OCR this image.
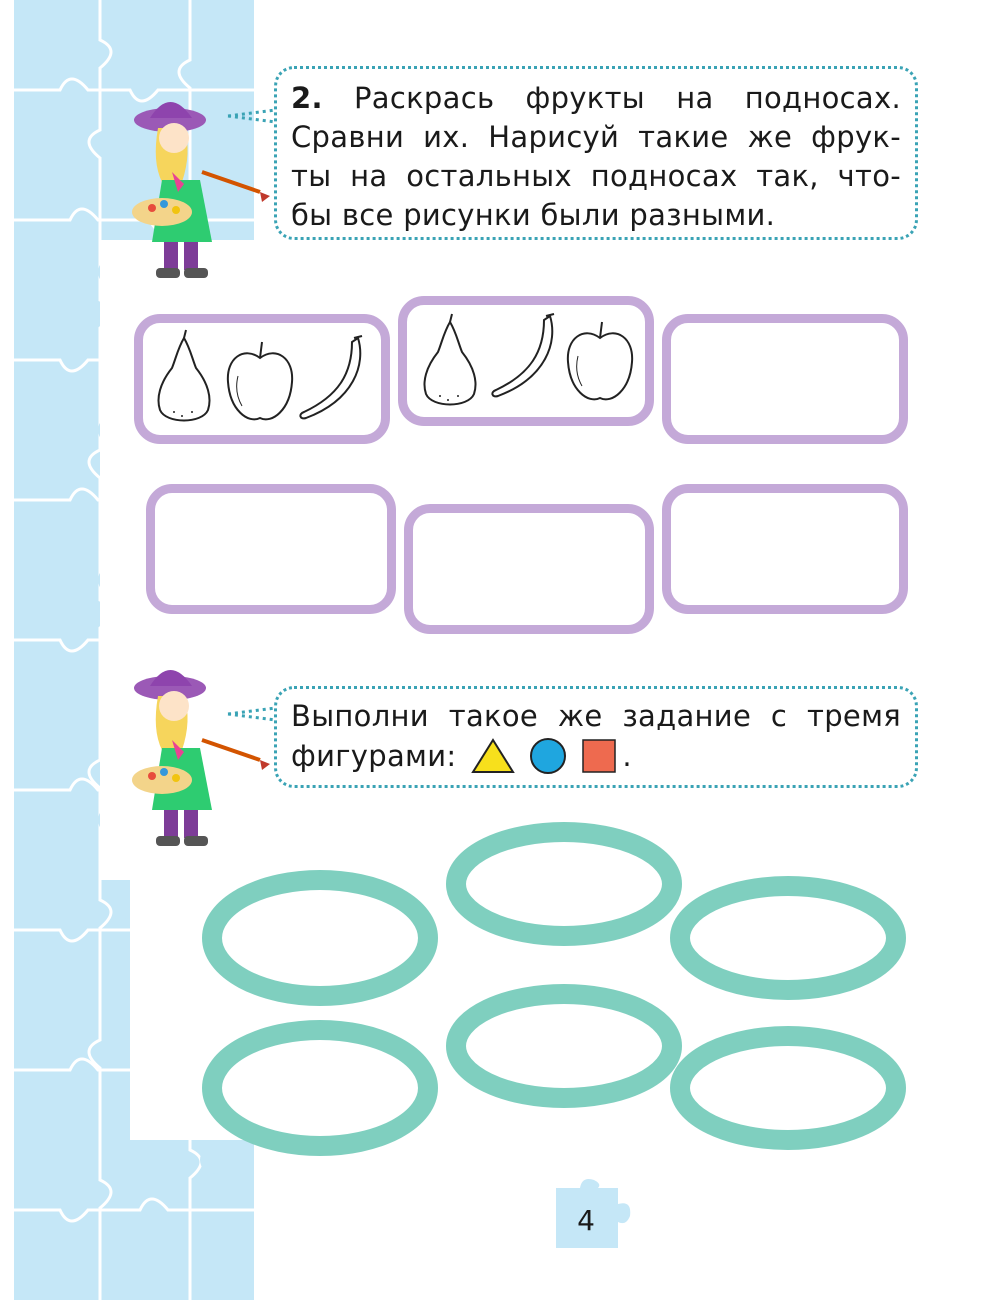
2. Раскрась фрукты на подносах.
Сравни их. Нарисуй такие же фрук-
ты на остальных подносах так, что-
бы все рисунки были разными.
Выполни такое же задание с тремя
фигурами:	.
4
